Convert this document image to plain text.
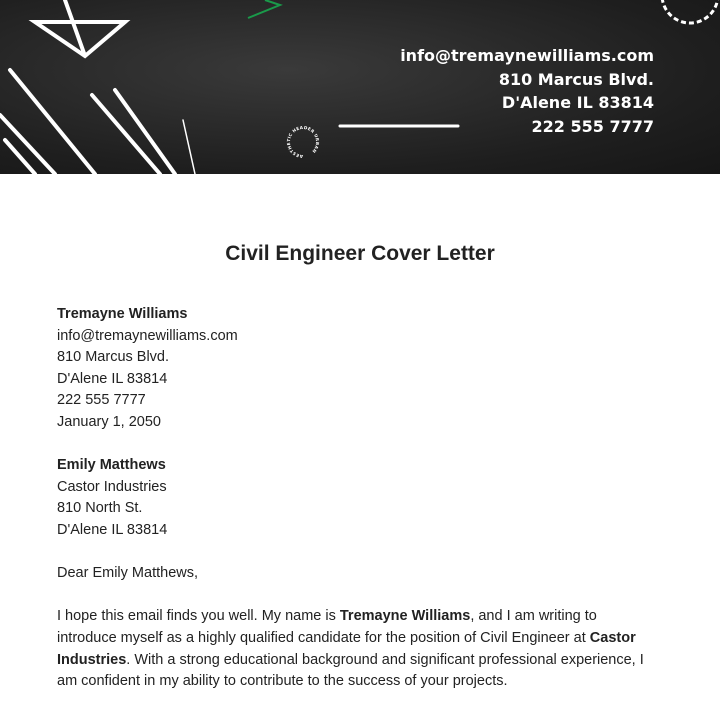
AESTHETIC HEADER URBAN
info@tremaynewilliams.com
810 Marcus Blvd.
D'Alene IL 83814
222 555 7777
Civil Engineer Cover Letter

Tremayne Williams
info@tremaynewilliams.com
810 Marcus Blvd.
D'Alene IL 83814
222 555 7777
January 1, 2050

Emily Matthews
Castor Industries
810 North St.
D'Alene IL 83814

Dear Emily Matthews,

I hope this email finds you well. My name is Tremayne Williams, and I am writing to introduce myself as a highly qualified candidate for the position of Civil Engineer at Castor Industries. With a strong educational background and significant professional experience, I am confident in my ability to contribute to the success of your projects.
